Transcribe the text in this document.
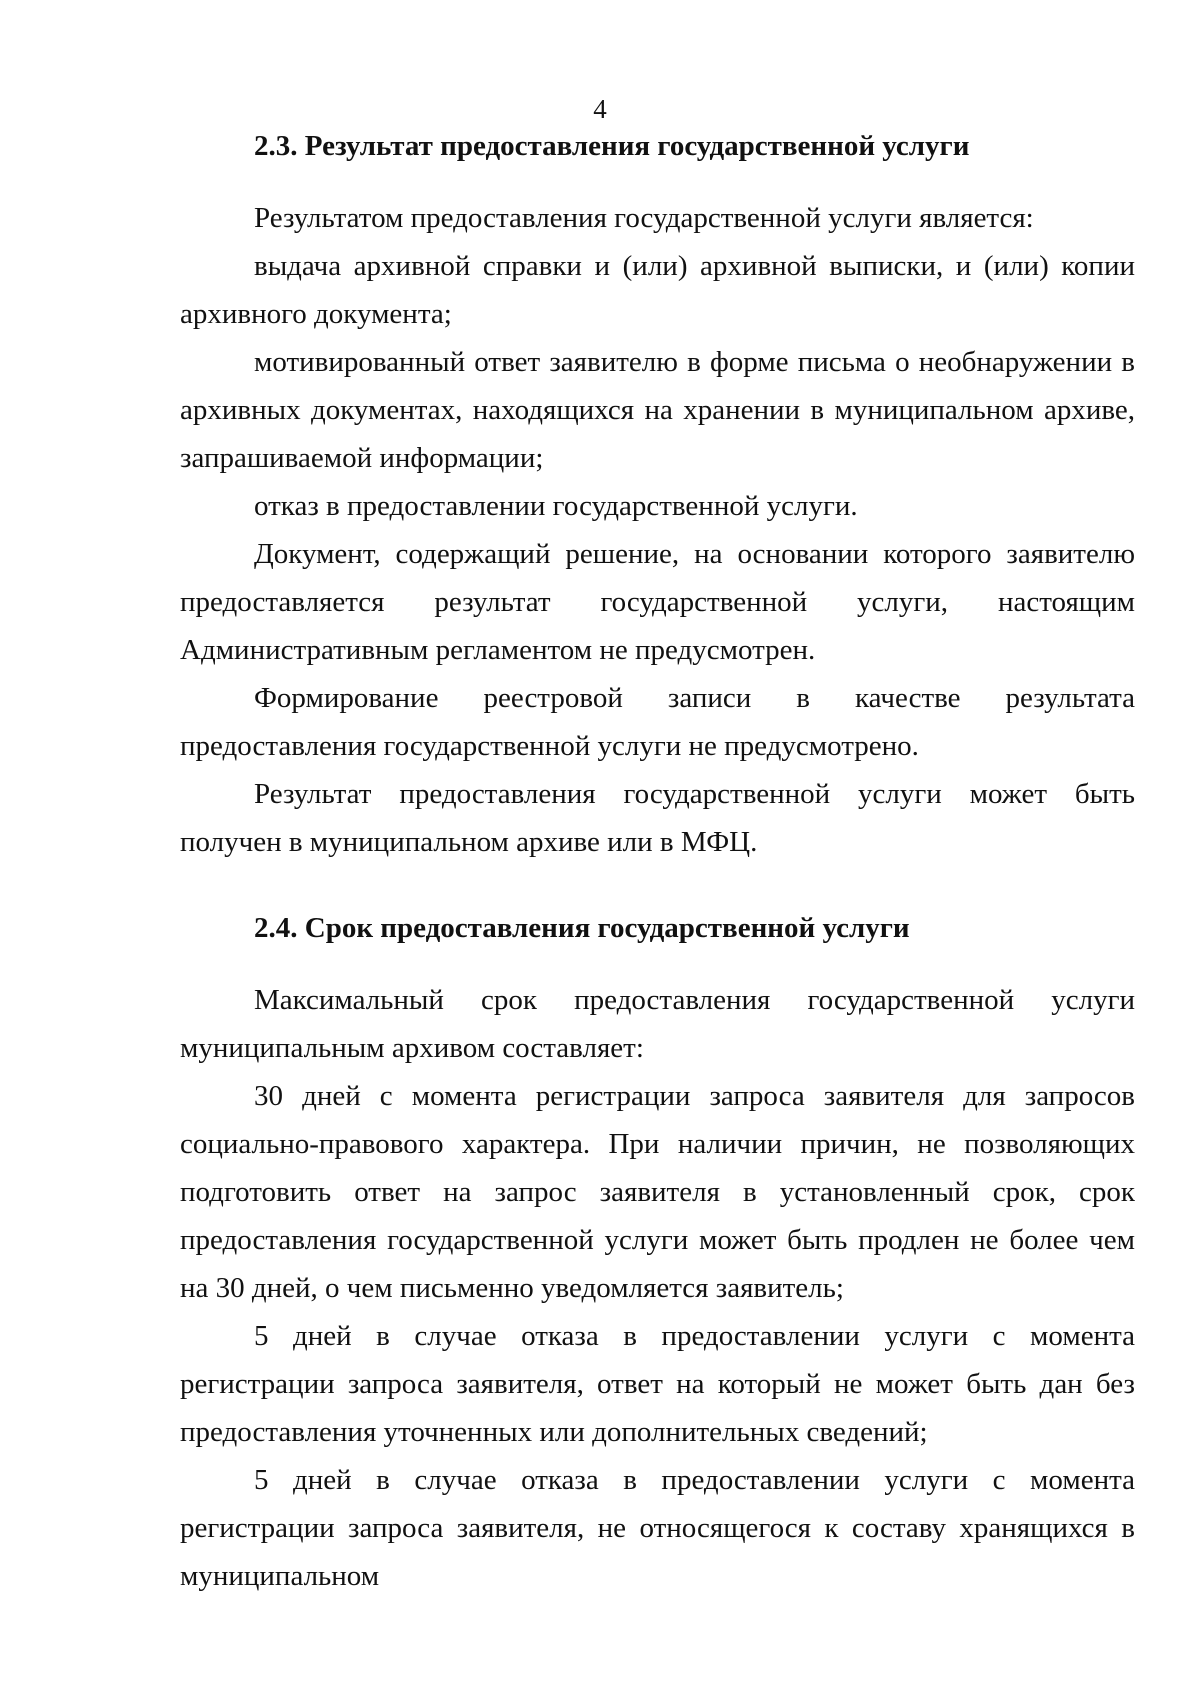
4

2.3. Результат предоставления государственной услуги

Результатом предоставления государственной услуги является:

выдача архивной справки и (или) архивной выписки, и (или) копии архивного документа;

мотивированный ответ заявителю в форме письма о необнаружении в архивных документах, находящихся на хранении в муниципальном архиве, запрашиваемой информации;

отказ в предоставлении государственной услуги.

Документ, содержащий решение, на основании которого заявителю предоставляется результат государственной услуги, настоящим Административным регламентом не предусмотрен.

Формирование реестровой записи в качестве результата предоставления государственной услуги не предусмотрено.

Результат предоставления государственной услуги может быть получен в муниципальном архиве или в МФЦ.

2.4. Срок предоставления государственной услуги

Максимальный срок предоставления государственной услуги муниципальным архивом составляет:

30 дней с момента регистрации запроса заявителя для запросов социально-правового характера. При наличии причин, не позволяющих подготовить ответ на запрос заявителя в установленный срок, срок предоставления государственной услуги может быть продлен не более чем на 30 дней, о чем письменно уведомляется заявитель;

5 дней в случае отказа в предоставлении услуги с момента регистрации запроса заявителя, ответ на который не может быть дан без предоставления уточненных или дополнительных сведений;

5 дней в случае отказа в предоставлении услуги с момента регистрации запроса заявителя, не относящегося к составу хранящихся в муниципальном
